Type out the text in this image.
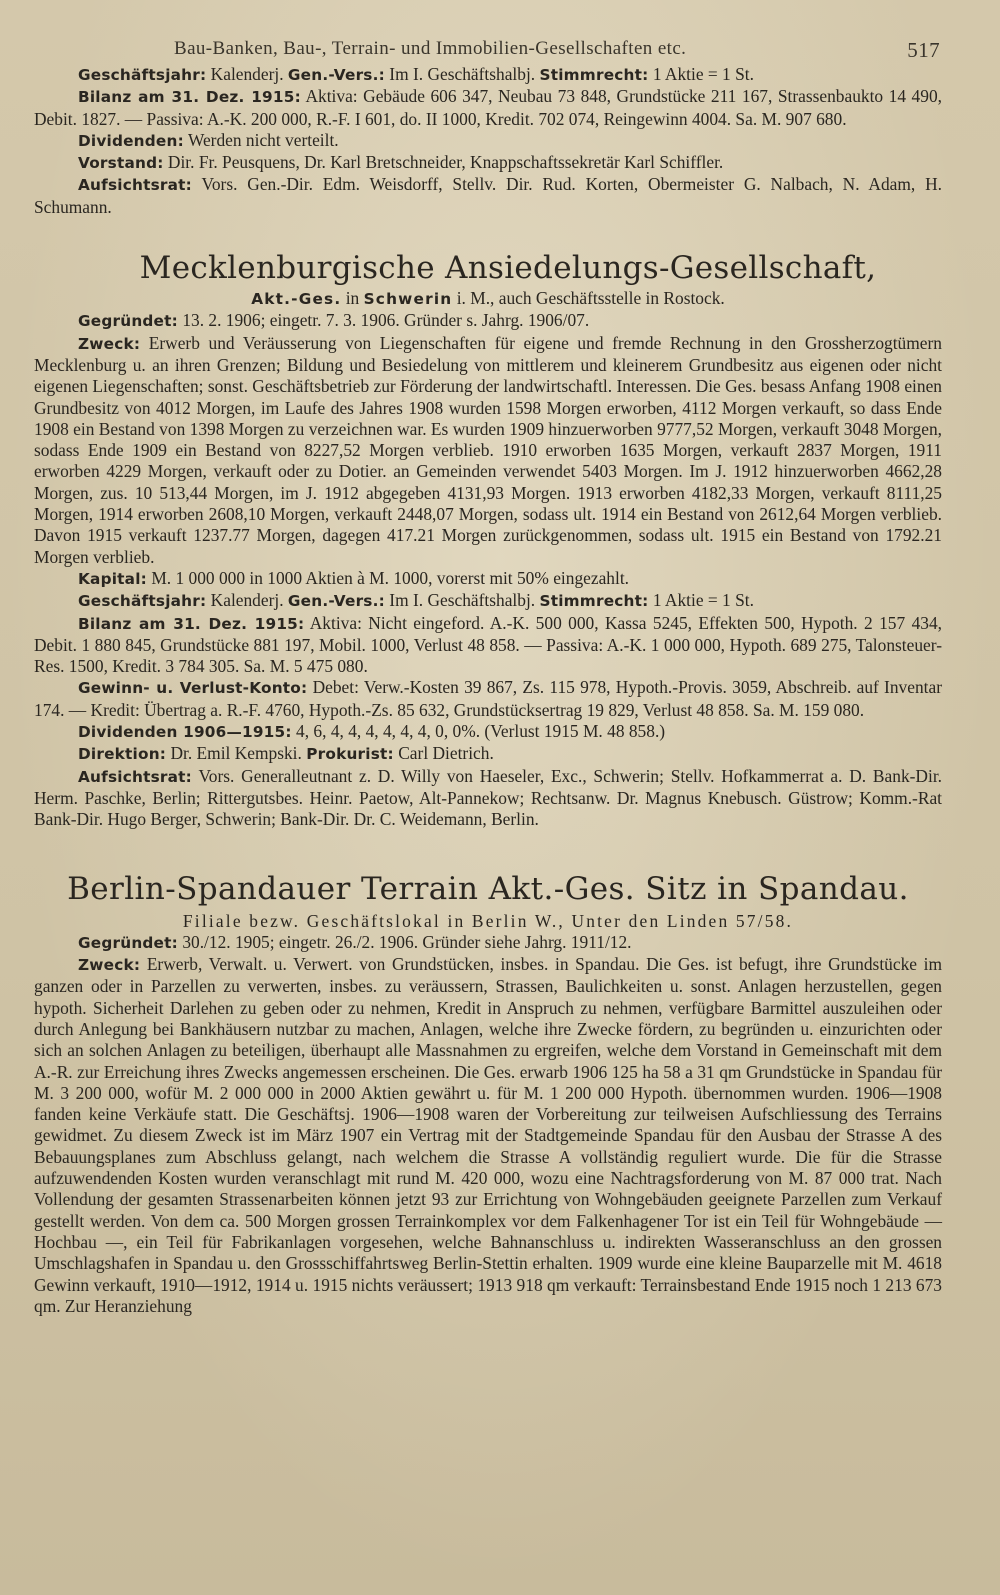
Bau-Banken, Bau-, Terrain- und Immobilien-Gesellschaften etc.	517

Geschäftsjahr: Kalenderj. Gen.-Vers.: Im I. Geschäftshalbj. Stimmrecht: 1 Aktie = 1 St.

Bilanz am 31. Dez. 1915: Aktiva: Gebäude 606 347, Neubau 73 848, Grundstücke 211 167, Strassenbaukto 14 490, Debit. 1827. — Passiva: A.-K. 200 000, R.-F. I 601, do. II 1000, Kredit. 702 074, Reingewinn 4004. Sa. M. 907 680.

Dividenden: Werden nicht verteilt.

Vorstand: Dir. Fr. Peusquens, Dr. Karl Bretschneider, Knappschaftssekretär Karl Schiffler.

Aufsichtsrat: Vors. Gen.-Dir. Edm. Weisdorff, Stellv. Dir. Rud. Korten, Obermeister G. Nalbach, N. Adam, H. Schumann.

Mecklenburgische Ansiedelungs-Gesellschaft,
Akt.-Ges. in Schwerin i. M., auch Geschäftsstelle in Rostock.

Gegründet: 13. 2. 1906; eingetr. 7. 3. 1906. Gründer s. Jahrg. 1906/07.

Zweck: Erwerb und Veräusserung von Liegenschaften für eigene und fremde Rechnung in den Grossherzogtümern Mecklenburg u. an ihren Grenzen; Bildung und Besiedelung von mittlerem und kleinerem Grundbesitz aus eigenen oder nicht eigenen Liegenschaften; sonst. Geschäftsbetrieb zur Förderung der landwirtschaftl. Interessen. Die Ges. besass Anfang 1908 einen Grundbesitz von 4012 Morgen, im Laufe des Jahres 1908 wurden 1598 Morgen erworben, 4112 Morgen verkauft, so dass Ende 1908 ein Bestand von 1398 Morgen zu verzeichnen war. Es wurden 1909 hinzuerworben 9777,52 Morgen, verkauft 3048 Morgen, sodass Ende 1909 ein Bestand von 8227,52 Morgen verblieb. 1910 erworben 1635 Morgen, verkauft 2837 Morgen, 1911 erworben 4229 Morgen, verkauft oder zu Dotier. an Gemeinden verwendet 5403 Morgen. Im J. 1912 hinzuerworben 4662,28 Morgen, zus. 10 513,44 Morgen, im J. 1912 abgegeben 4131,93 Morgen. 1913 erworben 4182,33 Morgen, verkauft 8111,25 Morgen, 1914 erworben 2608,10 Morgen, verkauft 2448,07 Morgen, sodass ult. 1914 ein Bestand von 2612,64 Morgen verblieb. Davon 1915 verkauft 1237.77 Morgen, dagegen 417.21 Morgen zurückgenommen, sodass ult. 1915 ein Bestand von 1792.21 Morgen verblieb.

Kapital: M. 1 000 000 in 1000 Aktien à M. 1000, vorerst mit 50% eingezahlt.

Geschäftsjahr: Kalenderj. Gen.-Vers.: Im I. Geschäftshalbj. Stimmrecht: 1 Aktie = 1 St.

Bilanz am 31. Dez. 1915: Aktiva: Nicht eingeford. A.-K. 500 000, Kassa 5245, Effekten 500, Hypoth. 2 157 434, Debit. 1 880 845, Grundstücke 881 197, Mobil. 1000, Verlust 48 858. — Passiva: A.-K. 1 000 000, Hypoth. 689 275, Talonsteuer-Res. 1500, Kredit. 3 784 305. Sa. M. 5 475 080.

Gewinn- u. Verlust-Konto: Debet: Verw.-Kosten 39 867, Zs. 115 978, Hypoth.-Provis. 3059, Abschreib. auf Inventar 174. — Kredit: Übertrag a. R.-F. 4760, Hypoth.-Zs. 85 632, Grundstücksertrag 19 829, Verlust 48 858. Sa. M. 159 080.

Dividenden 1906—1915: 4, 6, 4, 4, 4, 4, 4, 4, 0, 0%. (Verlust 1915 M. 48 858.)

Direktion: Dr. Emil Kempski. Prokurist: Carl Dietrich.

Aufsichtsrat: Vors. Generalleutnant z. D. Willy von Haeseler, Exc., Schwerin; Stellv. Hofkammerrat a. D. Bank-Dir. Herm. Paschke, Berlin; Rittergutsbes. Heinr. Paetow, Alt-Pannekow; Rechtsanw. Dr. Magnus Knebusch. Güstrow; Komm.-Rat Bank-Dir. Hugo Berger, Schwerin; Bank-Dir. Dr. C. Weidemann, Berlin.

Berlin-Spandauer Terrain Akt.-Ges. Sitz in Spandau.
Filiale bezw. Geschäftslokal in Berlin W., Unter den Linden 57/58.

Gegründet: 30./12. 1905; eingetr. 26./2. 1906. Gründer siehe Jahrg. 1911/12.

Zweck: Erwerb, Verwalt. u. Verwert. von Grundstücken, insbes. in Spandau. Die Ges. ist befugt, ihre Grundstücke im ganzen oder in Parzellen zu verwerten, insbes. zu veräussern, Strassen, Baulichkeiten u. sonst. Anlagen herzustellen, gegen hypoth. Sicherheit Darlehen zu geben oder zu nehmen, Kredit in Anspruch zu nehmen, verfügbare Barmittel auszuleihen oder durch Anlegung bei Bankhäusern nutzbar zu machen, Anlagen, welche ihre Zwecke fördern, zu begründen u. einzurichten oder sich an solchen Anlagen zu beteiligen, überhaupt alle Massnahmen zu ergreifen, welche dem Vorstand in Gemeinschaft mit dem A.-R. zur Erreichung ihres Zwecks angemessen erscheinen. Die Ges. erwarb 1906 125 ha 58 a 31 qm Grundstücke in Spandau für M. 3 200 000, wofür M. 2 000 000 in 2000 Aktien gewährt u. für M. 1 200 000 Hypoth. übernommen wurden. 1906—1908 fanden keine Verkäufe statt. Die Geschäftsj. 1906—1908 waren der Vorbereitung zur teilweisen Aufschliessung des Terrains gewidmet. Zu diesem Zweck ist im März 1907 ein Vertrag mit der Stadtgemeinde Spandau für den Ausbau der Strasse A des Bebauungsplanes zum Abschluss gelangt, nach welchem die Strasse A vollständig reguliert wurde. Die für die Strasse aufzuwendenden Kosten wurden veranschlagt mit rund M. 420 000, wozu eine Nachtragsforderung von M. 87 000 trat. Nach Vollendung der gesamten Strassenarbeiten können jetzt 93 zur Errichtung von Wohngebäuden geeignete Parzellen zum Verkauf gestellt werden. Von dem ca. 500 Morgen grossen Terrainkomplex vor dem Falkenhagener Tor ist ein Teil für Wohngebäude — Hochbau —, ein Teil für Fabrikanlagen vorgesehen, welche Bahnanschluss u. indirekten Wasseranschluss an den grossen Umschlagshafen in Spandau u. den Grossschiffahrtsweg Berlin-Stettin erhalten. 1909 wurde eine kleine Bauparzelle mit M. 4618 Gewinn verkauft, 1910—1912, 1914 u. 1915 nichts veräussert; 1913 918 qm verkauft: Terrainsbestand Ende 1915 noch 1 213 673 qm. Zur Heranziehung
